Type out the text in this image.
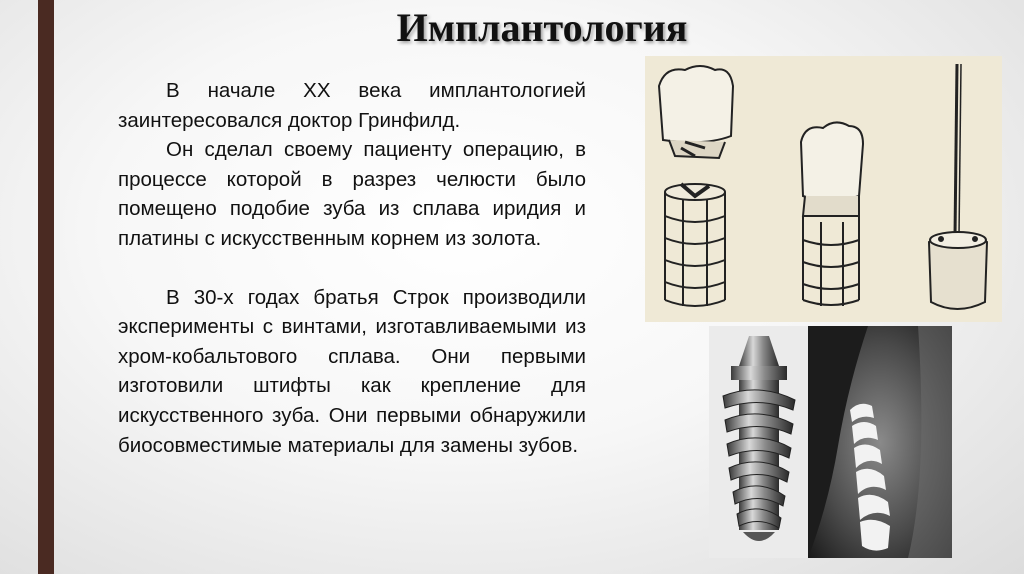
Имплантология

В начале XX века имплантологией заинтересовался доктор Гринфилд.

Он сделал своему пациенту операцию, в процессе которой в разрез челюсти было помещено подобие зуба из сплава иридия и платины с искусственным корнем из золота.

В 30-х годах братья Строк производили эксперименты с винтами, изготавливаемыми из хром-кобальтового сплава. Они первыми изготовили штифты как крепление для искусственного зуба. Они первыми обнаружили биосовместимые материалы для замены зубов.
